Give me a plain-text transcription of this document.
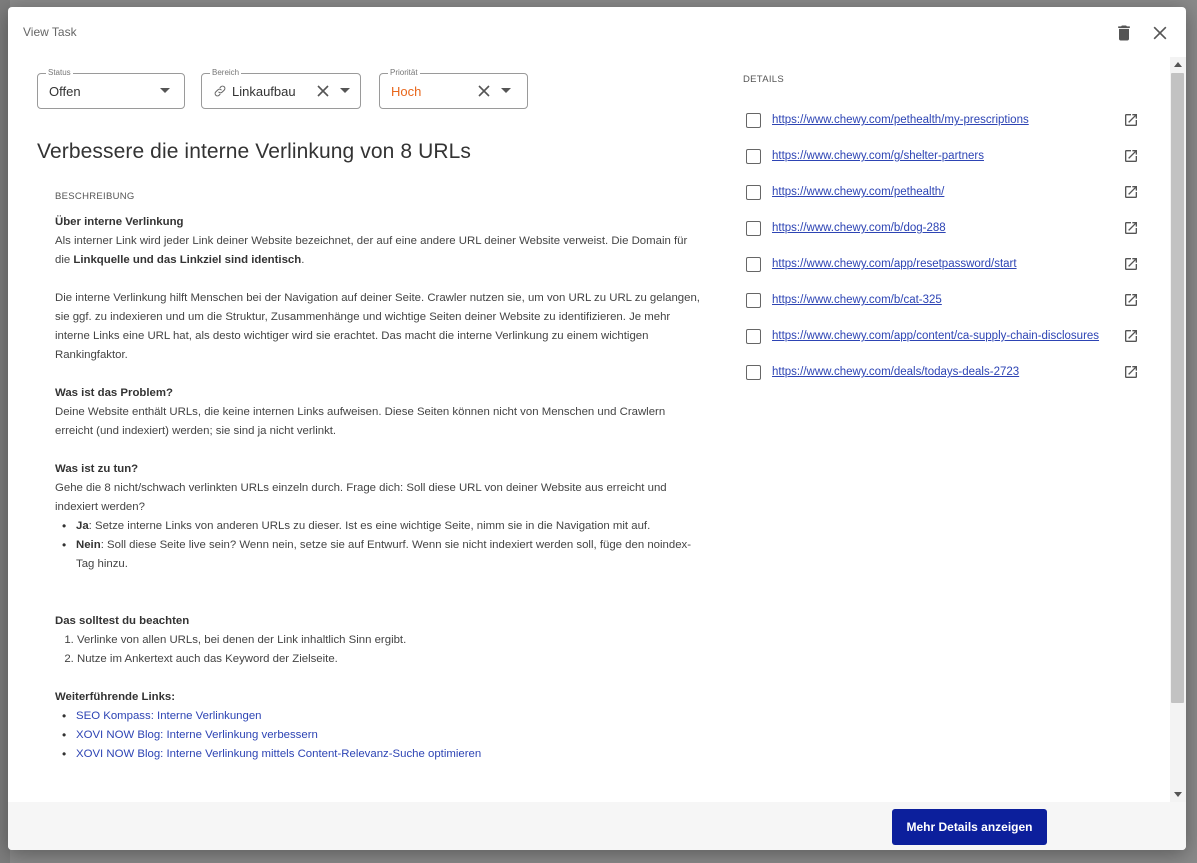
View Task
Status
Offen
Bereich
Linkaufbau
Priorität
Hoch
Verbessere die interne Verlinkung von 8 URLs
BESCHREIBUNG
Über interne Verlinkung

Als interner Link wird jeder Link deiner Website bezeichnet, der auf eine andere URL deiner Website verweist. Die Domain für die Linkquelle und das Linkziel sind identisch.

Die interne Verlinkung hilft Menschen bei der Navigation auf deiner Seite. Crawler nutzen sie, um von URL zu URL zu gelangen, sie ggf. zu indexieren und um die Struktur, Zusammenhänge und wichtige Seiten deiner Website zu identifizieren. Je mehr interne Links eine URL hat, als desto wichtiger wird sie erachtet. Das macht die interne Verlinkung zu einem wichtigen Rankingfaktor.

Was ist das Problem?

Deine Website enthält URLs, die keine internen Links aufweisen. Diese Seiten können nicht von Menschen und Crawlern erreicht (und indexiert) werden; sie sind ja nicht verlinkt.

Was ist zu tun?

Gehe die 8 nicht/schwach verlinkten URLs einzeln durch. Frage dich: Soll diese URL von deiner Website aus erreicht und indexiert werden?

• Ja: Setze interne Links von anderen URLs zu dieser. Ist es eine wichtige Seite, nimm sie in die Navigation mit auf.
• Nein: Soll diese Seite live sein? Wenn nein, setze sie auf Entwurf. Wenn sie nicht indexiert werden soll, füge den noindex-Tag hinzu.
Das solltest du beachten
1. Verlinke von allen URLs, bei denen der Link inhaltlich Sinn ergibt.
2. Nutze im Ankertext auch das Keyword der Zielseite.
Weiterführende Links:
• SEO Kompass: Interne Verlinkungen
• XOVI NOW Blog: Interne Verlinkung verbessern
• XOVI NOW Blog: Interne Verlinkung mittels Content-Relevanz-Suche optimieren
DETAILS
https://www.chewy.com/pethealth/my-prescriptions
https://www.chewy.com/g/shelter-partners
https://www.chewy.com/pethealth/
https://www.chewy.com/b/dog-288
https://www.chewy.com/app/resetpassword/start
https://www.chewy.com/b/cat-325
https://www.chewy.com/app/content/ca-supply-chain-disclosures
https://www.chewy.com/deals/todays-deals-2723
Mehr Details anzeigen
